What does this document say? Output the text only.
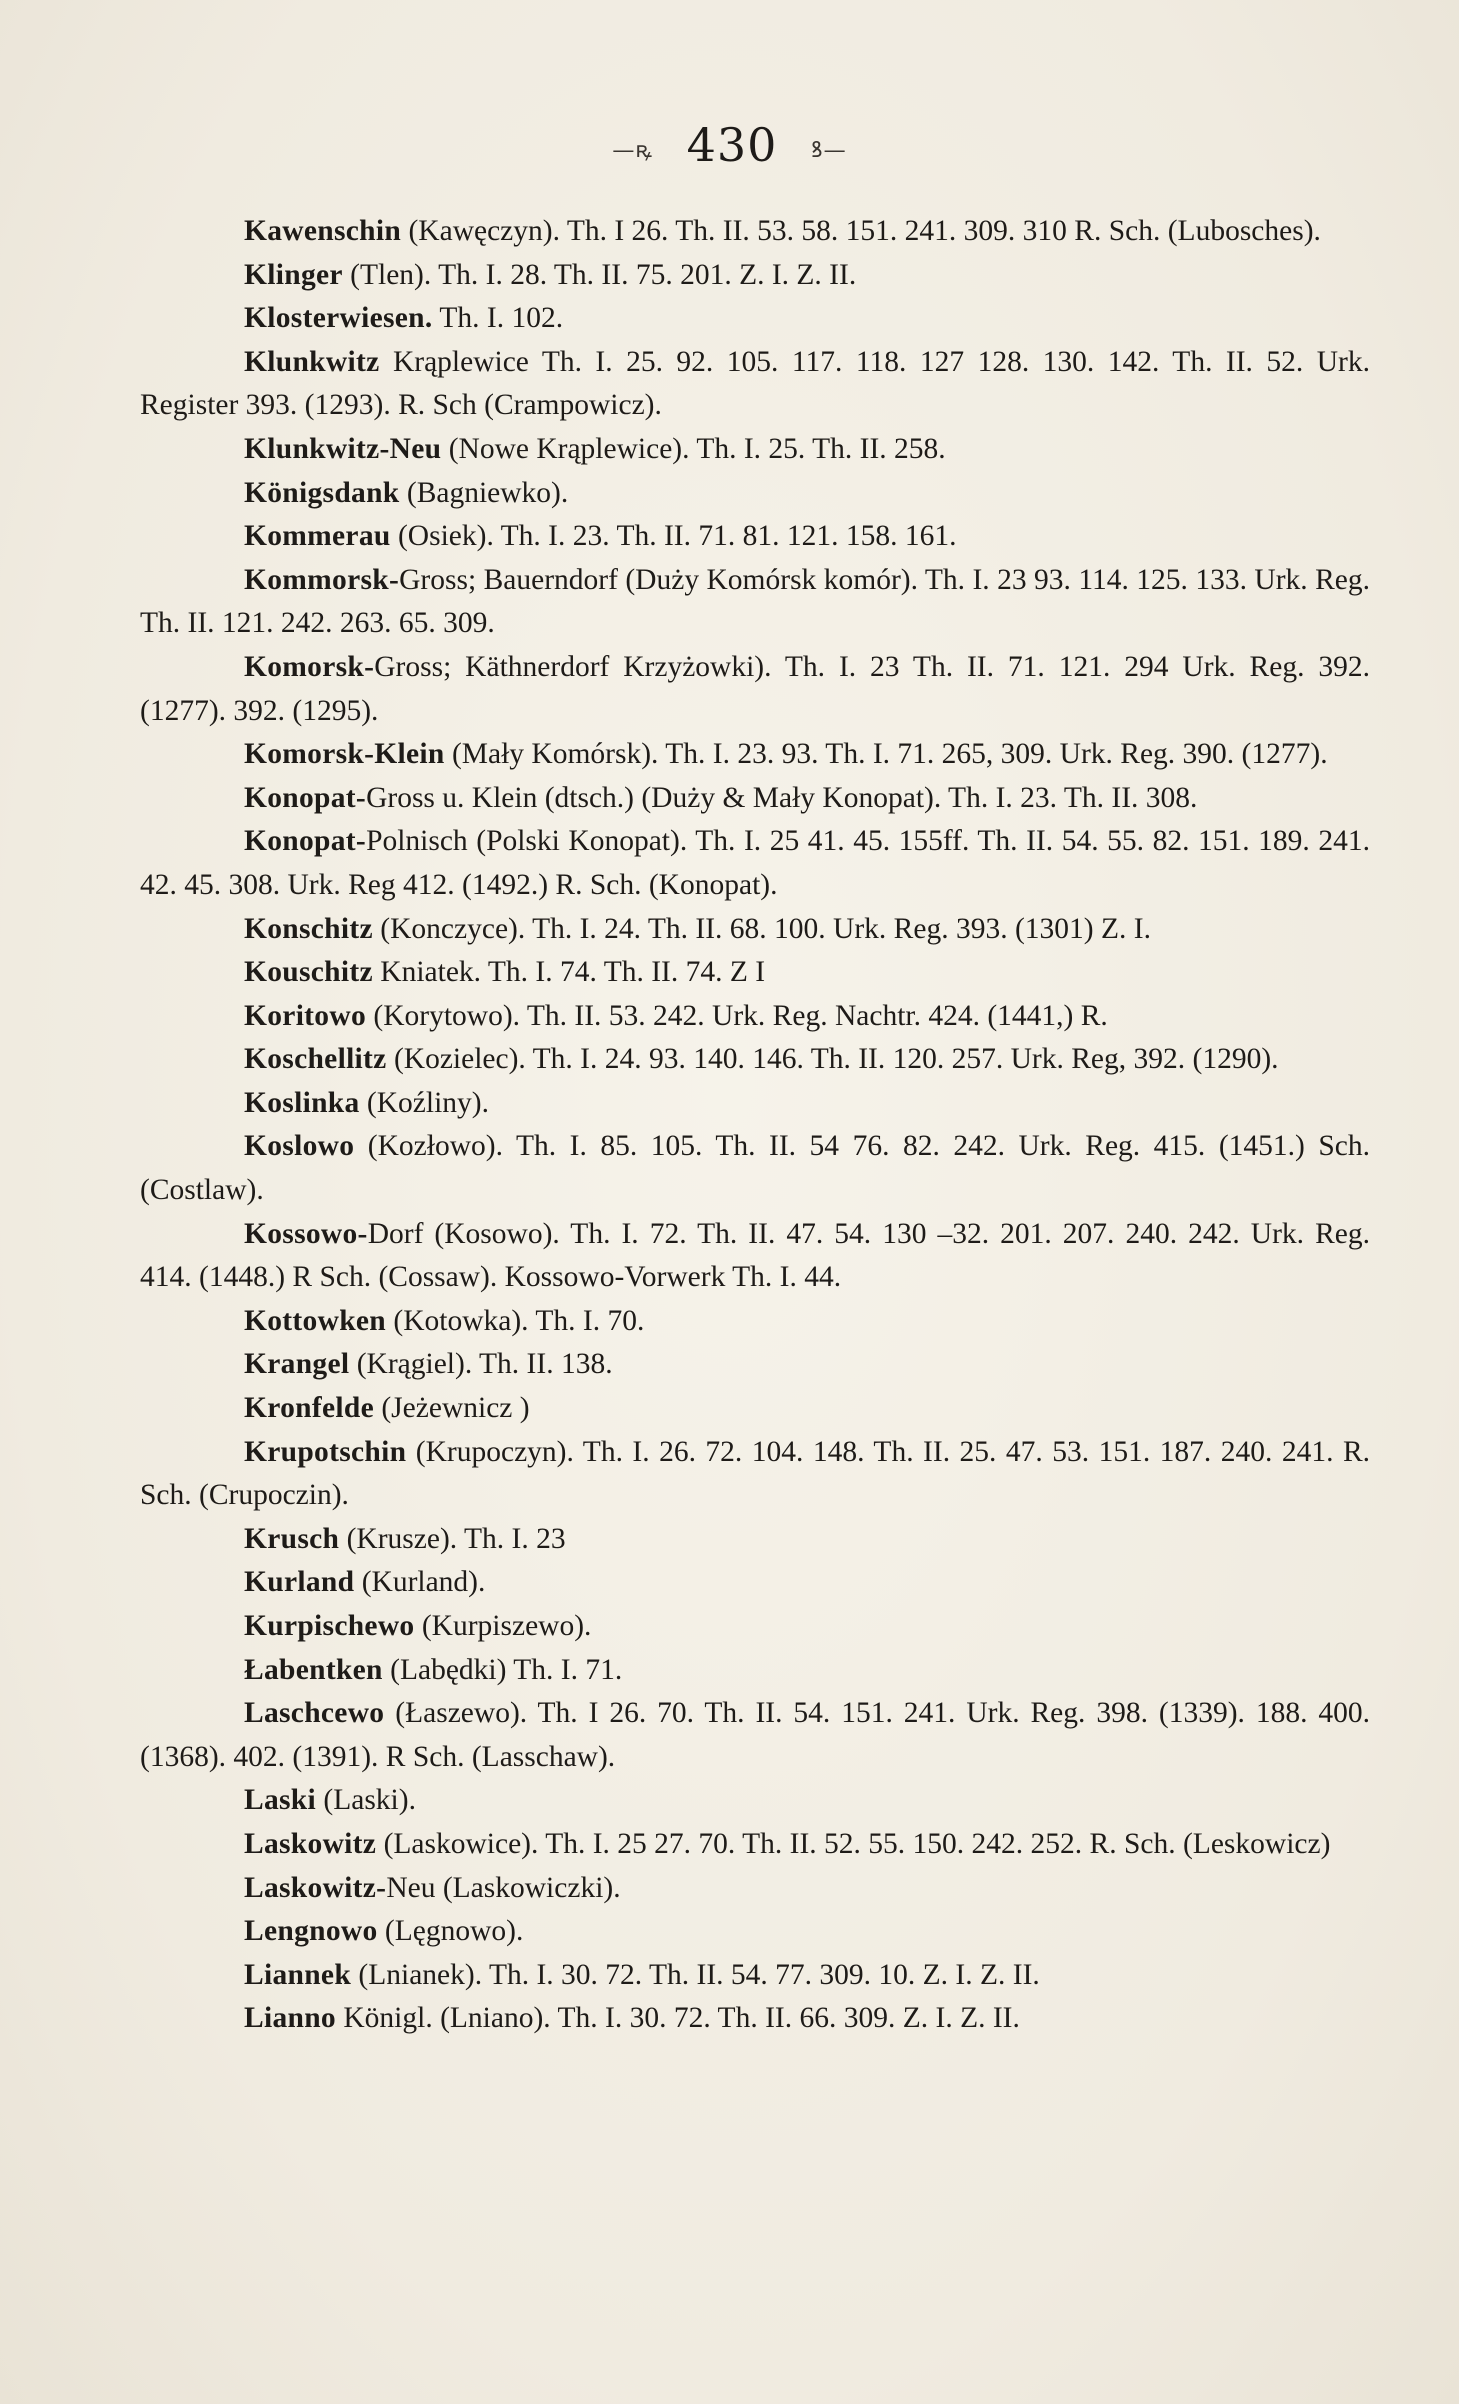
—ꝶ 430 ꝸ—

Kawenschin (Kawęczyn). Th. I 26. Th. II. 53. 58. 151. 241. 309. 310 R. Sch. (Lubosches).

Klinger (Tlen). Th. I. 28. Th. II. 75. 201. Z. I. Z. II.

Klosterwiesen. Th. I. 102.

Klunkwitz Krąplewice Th. I. 25. 92. 105. 117. 118. 127 128. 130. 142. Th. II. 52. Urk. Register 393. (1293). R. Sch (Crampowicz).

Klunkwitz-Neu (Nowe Krąplewice). Th. I. 25. Th. II. 258.

Königsdank (Bagniewko).

Kommerau (Osiek). Th. I. 23. Th. II. 71. 81. 121. 158. 161.

Kommorsk-Gross; Bauerndorf (Duży Komórsk komór). Th. I. 23 93. 114. 125. 133. Urk. Reg. Th. II. 121. 242. 263. 65. 309.

Komorsk-Gross; Käthnerdorf Krzyżowki). Th. I. 23 Th. II. 71. 121. 294 Urk. Reg. 392. (1277). 392. (1295).

Komorsk-Klein (Mały Komórsk). Th. I. 23. 93. Th. I. 71. 265, 309. Urk. Reg. 390. (1277).

Konopat-Gross u. Klein (dtsch.) (Duży & Mały Konopat). Th. I. 23. Th. II. 308.

Konopat-Polnisch (Polski Konopat). Th. I. 25 41. 45. 155ff. Th. II. 54. 55. 82. 151. 189. 241. 42. 45. 308. Urk. Reg 412. (1492.) R. Sch. (Konopat).

Konschitz (Konczyce). Th. I. 24. Th. II. 68. 100. Urk. Reg. 393. (1301) Z. I.

Kouschitz Kniatek. Th. I. 74. Th. II. 74. Z I

Koritowo (Korytowo). Th. II. 53. 242. Urk. Reg. Nachtr. 424. (1441,) R.

Koschellitz (Kozielec). Th. I. 24. 93. 140. 146. Th. II. 120. 257. Urk. Reg, 392. (1290).

Koslinka (Koźliny).

Koslowo (Kozłowo). Th. I. 85. 105. Th. II. 54 76. 82. 242. Urk. Reg. 415. (1451.) Sch. (Costlaw).

Kossowo-Dorf (Kosowo). Th. I. 72. Th. II. 47. 54. 130 –32. 201. 207. 240. 242. Urk. Reg. 414. (1448.) R Sch. (Cossaw). Kossowo-Vorwerk Th. I. 44.

Kottowken (Kotowka). Th. I. 70.

Krangel (Krągiel). Th. II. 138.

Kronfelde (Jeżewnicz )

Krupotschin (Krupoczyn). Th. I. 26. 72. 104. 148. Th. II. 25. 47. 53. 151. 187. 240. 241. R. Sch. (Crupoczin).

Krusch (Krusze). Th. I. 23

Kurland (Kurland).

Kurpischewo (Kurpiszewo).

Łabentken (Labędki) Th. I. 71.

Laschcewo (Łaszewo). Th. I 26. 70. Th. II. 54. 151. 241. Urk. Reg. 398. (1339). 188. 400. (1368). 402. (1391). R Sch. (Lasschaw).

Laski (Laski).

Laskowitz (Laskowice). Th. I. 25 27. 70. Th. II. 52. 55. 150. 242. 252. R. Sch. (Leskowicz)

Laskowitz-Neu (Laskowiczki).

Lengnowo (Lęgnowo).

Liannek (Lnianek). Th. I. 30. 72. Th. II. 54. 77. 309. 10. Z. I. Z. II.

Lianno Königl. (Lniano). Th. I. 30. 72. Th. II. 66. 309. Z. I. Z. II.
